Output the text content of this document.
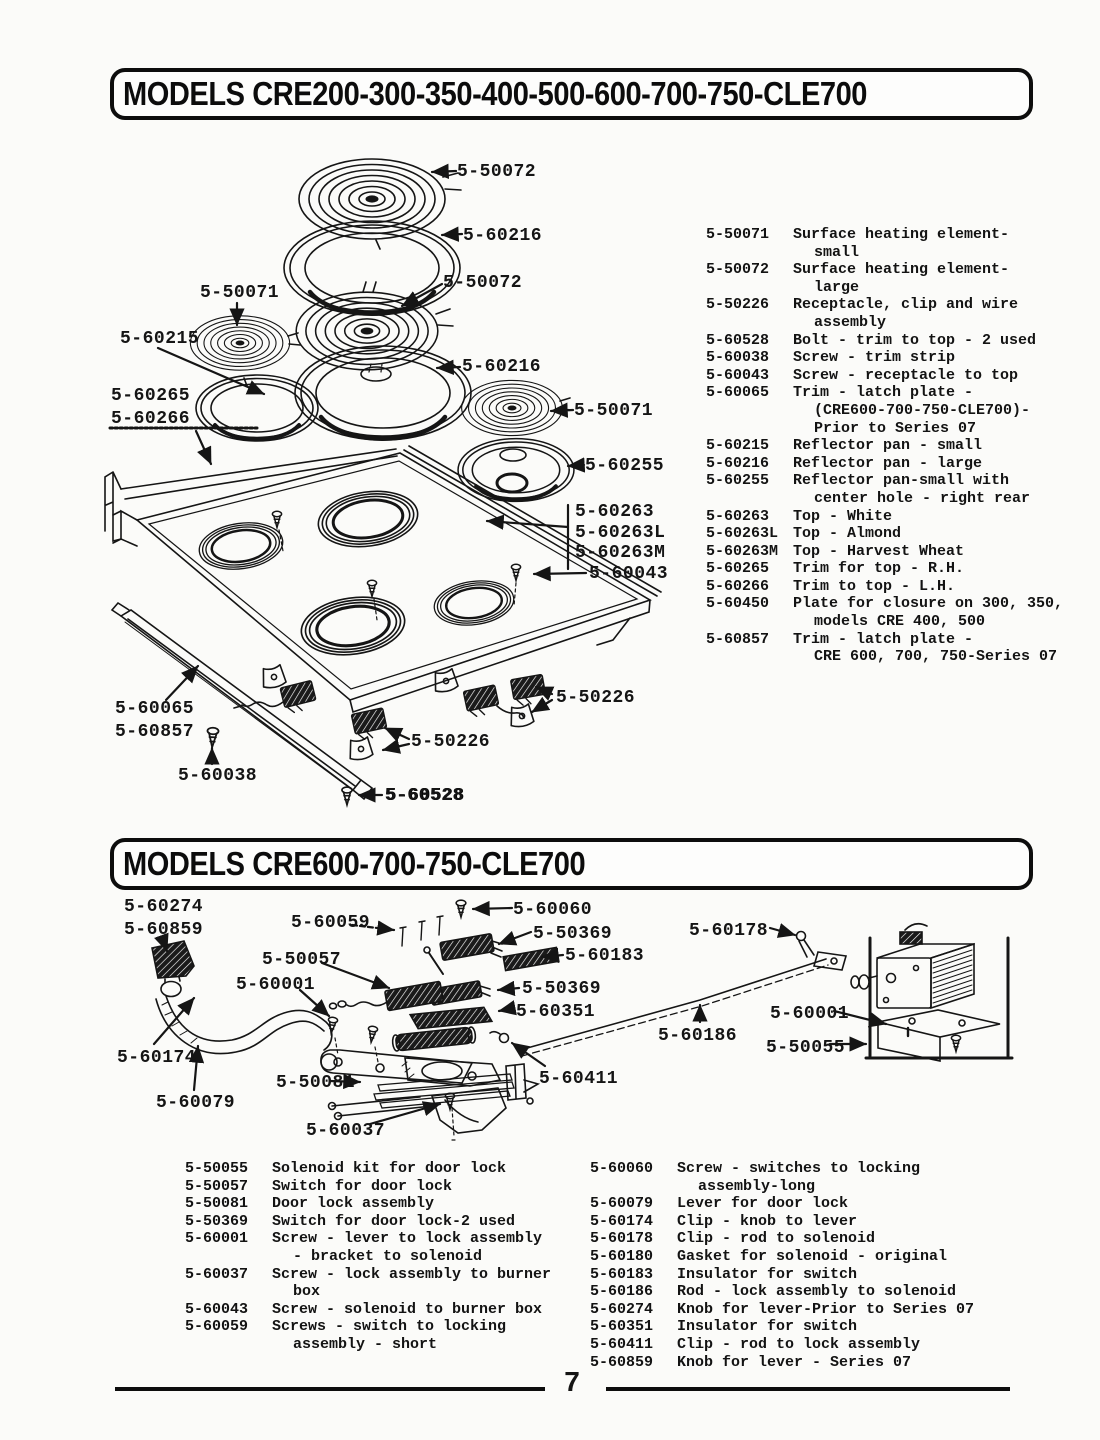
MODELS CRE200-300-350-400-500-600-700-750-CLE700
MODELS CRE600-700-750-CLE700
5-50072
5-60216
5-50071	5-50072
5-60215
5-60216
5-60265
5-60266	5-50071
5-60255
5-60263
5-60263L
5-60263M
5-60043
5-60065
5-60857
5-50226
5-50226
5-60038
5-60528
5-60274
5-60859	5-60059
5-60060
5-50369
5-60183
5-50057
5-60001	5-50369
5-60351
5-60178
5-60001
5-60186
5-50055
5-60174
5-50081	5-60411
5-60079
5-60037
5-50071	Surface heating element-
small
5-50072	Surface heating element-
large
5-50226	Receptacle, clip and wire
assembly
5-60528	Bolt - trim to top - 2 used
5-60038	Screw - trim strip
5-60043	Screw - receptacle to top
5-60065	Trim - latch plate -
(CRE600-700-750-CLE700)-
Prior to Series 07
5-60215	Reflector pan - small
5-60216	Reflector pan - large
5-60255	Reflector pan-small with
center hole - right rear
5-60263	Top - White
5-60263L Top - Almond
5-60263M Top - Harvest Wheat
5-60265	Trim for top - R.H.
5-60266	Trim to top - L.H.
5-60450	Plate for closure on 300, 350,
models CRE 400, 500
5-60857	Trim - latch plate -
CRE 600, 700, 750-Series 07
5-50055	Solenoid kit for door lock
5-50057	Switch for door lock
5-50081	Door lock assembly
5-50369	Switch for door lock-2 used
5-60001	Screw - lever to lock assembly
- bracket to solenoid
5-60037	Screw - lock assembly to burner
box
5-60043	Screw - solenoid to burner box
5-60059	Screws - switch to locking
assembly - short
5-60060	Screw - switches to locking
assembly-long
5-60079	Lever for door lock
5-60174	Clip - knob to lever
5-60178	Clip - rod to solenoid
5-60180	Gasket for solenoid - original
5-60183	Insulator for switch
5-60186	Rod - lock assembly to solenoid
5-60274	Knob for lever-Prior to Series 07
5-60351	Insulator for switch
5-60411	Clip - rod to lock assembly
5-60859	Knob for lever - Series 07
7
